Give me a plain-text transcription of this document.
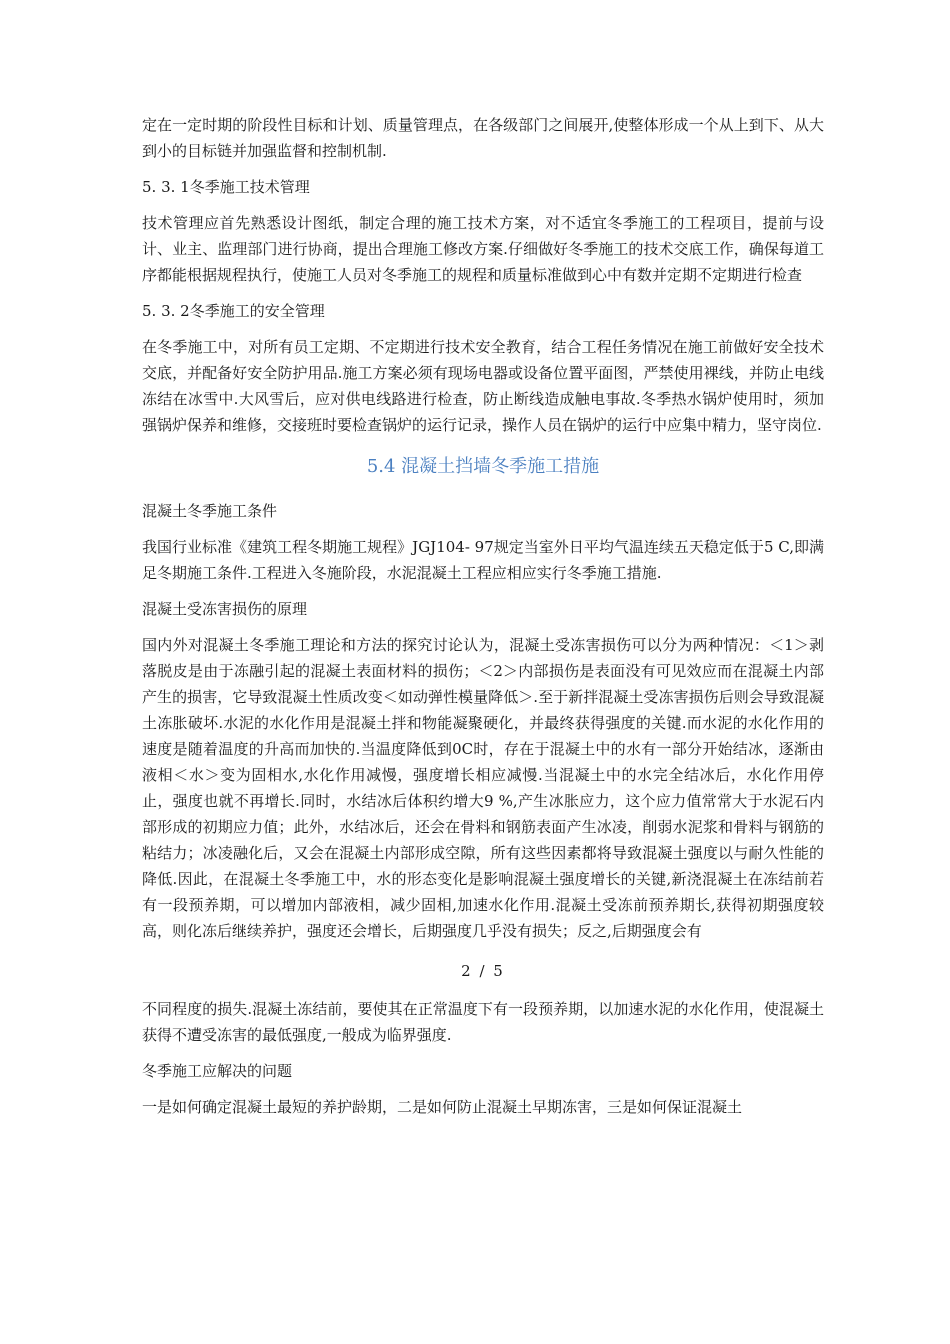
定在一定时期的阶段性目标和计划、质量管理点，在各级部门之间展开,使整体形成一个从上到下、从大到小的目标链并加强监督和控制机制.

5. 3. 1冬季施工技术管理

技术管理应首先熟悉设计图纸，制定合理的施工技术方案，对不适宜冬季施工的工程项目，提前与设计、业主、监理部门进行协商，提出合理施工修改方案.仔细做好冬季施工的技术交底工作，确保每道工序都能根据规程执行，使施工人员对冬季施工的规程和质量标准做到心中有数并定期不定期进行检查

5. 3. 2冬季施工的安全管理

在冬季施工中，对所有员工定期、不定期进行技术安全教育，结合工程任务情况在施工前做好安全技术交底，并配备好安全防护用品.施工方案必须有现场电器或设备位置平面图，严禁使用裸线，并防止电线冻结在冰雪中.大风雪后，应对供电线路进行检查，防止断线造成触电事故.冬季热水锅炉使用时，须加强锅炉保养和维修，交接班时要检查锅炉的运行记录，操作人员在锅炉的运行中应集中精力，坚守岗位.

5.4 混凝土挡墙冬季施工措施

混凝土冬季施工条件

我国行业标准《建筑工程冬期施工规程》JGJ104- 97规定当室外日平均气温连续五天稳定低于5 C,即满足冬期施工条件.工程进入冬施阶段，水泥混凝土工程应相应实行冬季施工措施.

混凝土受冻害损伤的原理

国内外对混凝土冬季施工理论和方法的探究讨论认为，混凝土受冻害损伤可以分为两种情况：＜1＞剥落脱皮是由于冻融引起的混凝土表面材料的损伤；＜2＞内部损伤是表面没有可见效应而在混凝土内部产生的损害，它导致混凝土性质改变＜如动弹性模量降低＞.至于新拌混凝土受冻害损伤后则会导致混凝土冻胀破坏.水泥的水化作用是混凝土拌和物能凝聚硬化，并最终获得强度的关键.而水泥的水化作用的速度是随着温度的升高而加快的.当温度降低到0C时，存在于混凝土中的水有一部分开始结冰，逐渐由液相＜水＞变为固相水,水化作用减慢，强度增长相应减慢.当混凝土中的水完全结冰后，水化作用停止，强度也就不再增长.同时，水结冰后体积约增大9 %,产生冰胀应力，这个应力值常常大于水泥石内部形成的初期应力值；此外，水结冰后，还会在骨料和钢筋表面产生冰凌，削弱水泥浆和骨料与钢筋的粘结力；冰凌融化后，又会在混凝土内部形成空隙，所有这些因素都将导致混凝土强度以与耐久性能的降低.因此，在混凝土冬季施工中，水的形态变化是影响混凝土强度增长的关键,新浇混凝土在冻结前若有一段预养期，可以增加内部液相，减少固相,加速水化作用.混凝土受冻前预养期长,获得初期强度较高，则化冻后继续养护，强度还会增长，后期强度几乎没有损失；反之,后期强度会有

2 / 5

不同程度的损失.混凝土冻结前，要使其在正常温度下有一段预养期，以加速水泥的水化作用，使混凝土获得不遭受冻害的最低强度,一般成为临界强度.

冬季施工应解决的问题

一是如何确定混凝土最短的养护龄期，二是如何防止混凝土早期冻害，三是如何保证混凝土
